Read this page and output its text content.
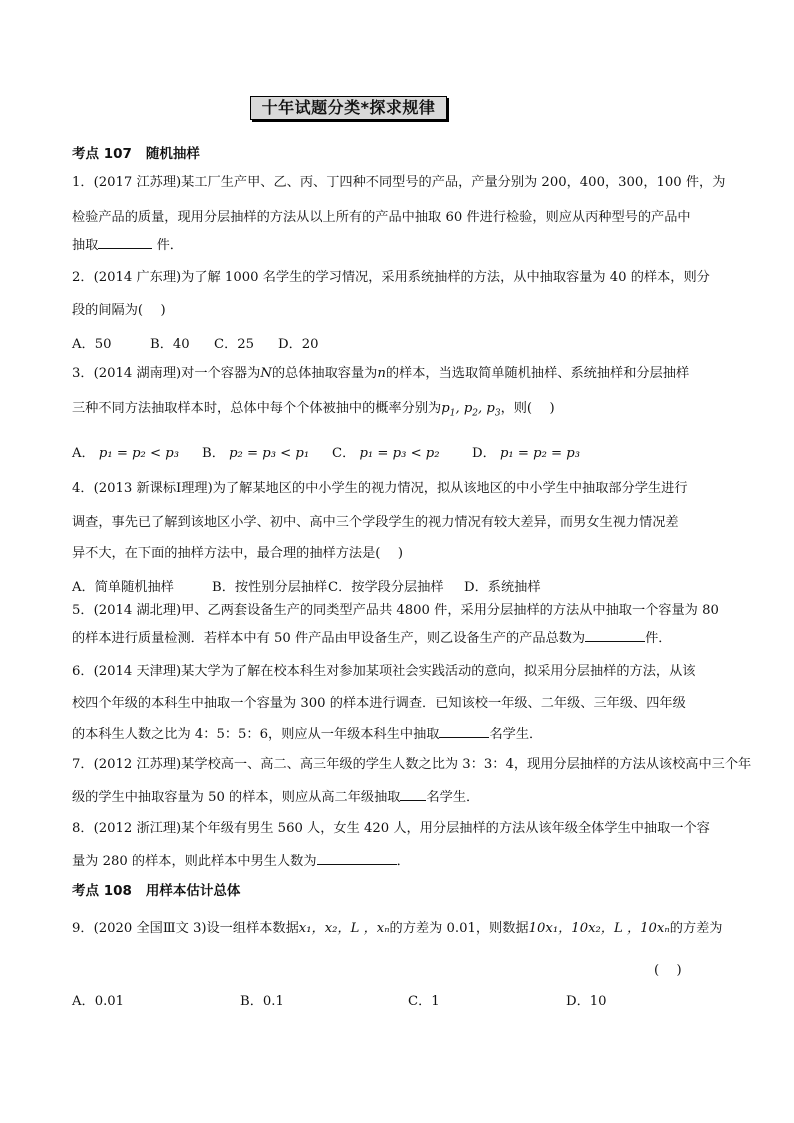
十年试题分类*探求规律
考点 107 随机抽样
1．(2017 江苏理)某工厂生产甲、乙、丙、丁四种不同型号的产品，产量分别为 200，400，300，100 件，为
检验产品的质量，现用分层抽样的方法从以上所有的产品中抽取 60 件进行检验，则应从丙种型号的产品中
抽取	件．
2．(2014 广东理)为了解 1000 名学生的学习情况，采用系统抽样的方法，从中抽取容量为 40 的样本，则分
段的间隔为(　 )
A．50	B．40 C．25 D．20
3．(2014 湖南理)对一个容器为N的总体抽取容量为n的样本，当选取简单随机抽样、系统抽样和分层抽样
三种不同方法抽取样本时，总体中每个个体被抽中的概率分别为$p_1$, $p_2$, $p_3$，则(　 )
A． p₁ = p₂ < p₃ B． p₂ = p₃ < p₁ C． p₁ = p₃ < p₂ D． p₁ = p₂ = p₃
4．(2013 新课标Ⅰ理理)为了解某地区的中小学生的视力情况，拟从该地区的中小学生中抽取部分学生进行
调查，事先已了解到该地区小学、初中、高中三个学段学生的视力情况有较大差异，而男女生视力情况差
异不大，在下面的抽样方法中，最合理的抽样方法是(　 )
A．简单随机抽样	B．按性别分层抽样C．按学段分层抽样 D．系统抽样
5．(2014 湖北理)甲、乙两套设备生产的同类型产品共 4800 件，采用分层抽样的方法从中抽取一个容量为 80
的样本进行质量检测．若样本中有 50 件产品由甲设备生产，则乙设备生产的产品总数为	件．
6．(2014 天津理)某大学为了解在校本科生对参加某项社会实践活动的意向，拟采用分层抽样的方法，从该
校四个年级的本科生中抽取一个容量为 300 的样本进行调查．已知该校一年级、二年级、三年级、四年级
的本科生人数之比为 4：5：5：6，则应从一年级本科生中抽取	名学生．
7．(2012 江苏理)某学校高一、高二、高三年级的学生人数之比为 3：3：4，现用分层抽样的方法从该校高中三个年
级的学生中抽取容量为 50 的样本，则应从高二年级抽取 名学生．
8．(2012 浙江理)某个年级有男生 560 人，女生 420 人，用分层抽样的方法从该年级全体学生中抽取一个容
量为 280 的样本，则此样本中男生人数为	．
考点 108 用样本估计总体
9．(2020 全国Ⅲ文 3)设一组样本数据x₁，x₂，L ，xₙ的方差为 0.01，则数据10x₁，10x₂，L ，10xₙ的方差为
(　 )
A．0.01	B．0.1	C．1	D．10
